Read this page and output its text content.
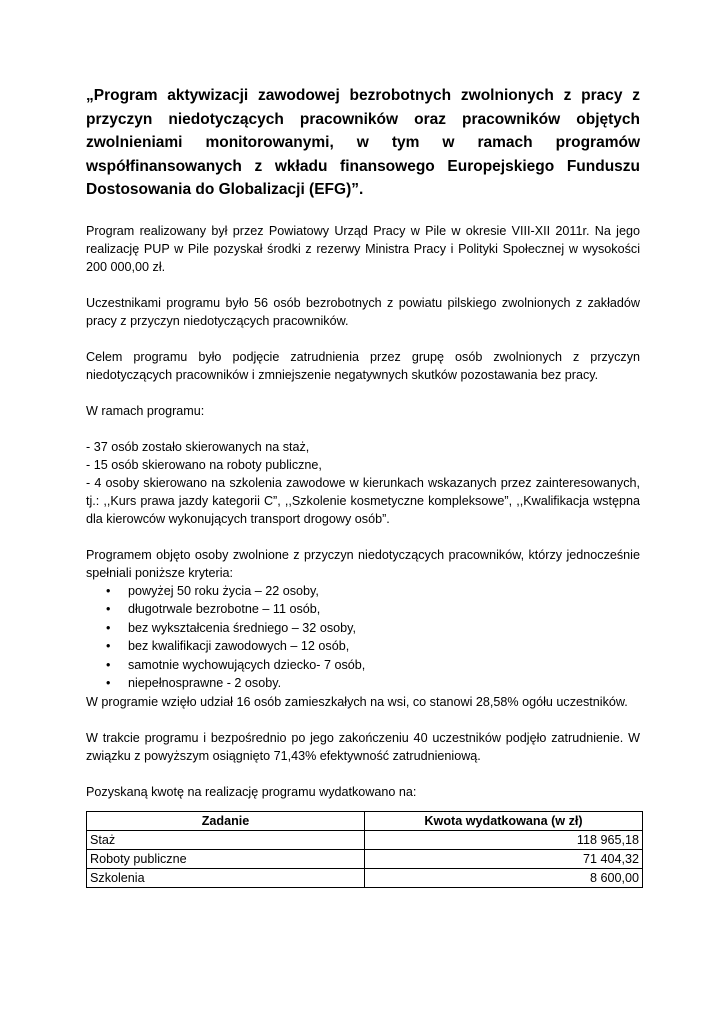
„Program aktywizacji zawodowej bezrobotnych zwolnionych z pracy z przyczyn niedotyczących pracowników oraz pracowników objętych zwolnieniami monitorowanymi, w tym w ramach programów współfinansowanych z wkładu finansowego Europejskiego Funduszu Dostosowania do Globalizacji (EFG)”.

Program realizowany był przez Powiatowy Urząd Pracy w Pile w okresie VIII-XII 2011r. Na jego realizację PUP w Pile pozyskał środki z rezerwy Ministra Pracy i Polityki Społecznej w wysokości 200 000,00 zł.

Uczestnikami programu było 56 osób bezrobotnych z powiatu pilskiego zwolnionych z zakładów pracy z przyczyn niedotyczących pracowników.

Celem programu było podjęcie zatrudnienia przez grupę osób zwolnionych z przyczyn niedotyczących pracowników i zmniejszenie negatywnych skutków pozostawania bez pracy.

W ramach programu:

- 37 osób zostało skierowanych na staż,

- 15 osób skierowano na roboty publiczne,

- 4 osoby skierowano na szkolenia zawodowe w kierunkach wskazanych przez zainteresowanych, tj.: ,,Kurs prawa jazdy kategorii C”, ,,Szkolenie kosmetyczne kompleksowe”, ,,Kwalifikacja wstępna dla kierowców wykonujących transport drogowy osób”.

Programem objęto osoby zwolnione z przyczyn niedotyczących pracowników, którzy jednocześnie spełniali poniższe kryteria:

• powyżej 50 roku życia – 22 osoby,
• długotrwale bezrobotne – 11 osób,
• bez wykształcenia średniego – 32 osoby,
• bez kwalifikacji zawodowych – 12 osób,
• samotnie wychowujących dziecko- 7 osób,
• niepełnosprawne - 2 osoby.

W programie wzięło udział 16 osób zamieszkałych na wsi, co stanowi 28,58% ogółu uczestników.

W trakcie programu i bezpośrednio po jego zakończeniu 40 uczestników podjęło zatrudnienie. W związku z powyższym osiągnięto 71,43% efektywność zatrudnieniową.

Pozyskaną kwotę na realizację programu wydatkowano na:

Zadanie	Kwota wydatkowana (w zł)
Staż	118 965,18
Roboty publiczne	71 404,32
Szkolenia	8 600,00
